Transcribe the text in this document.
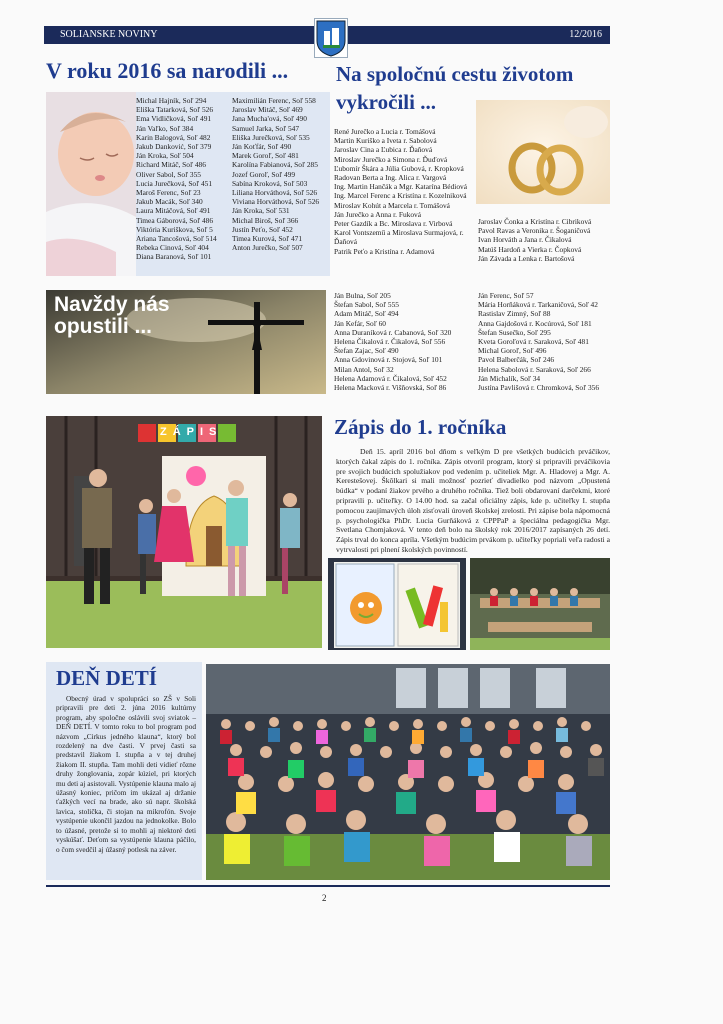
SOLIANSKE NOVINY	12/2016
V roku 2016 sa narodili ...
Michal Hajník, Soľ 294
Eliška Tatarková, Soľ 526
Ema Vidličková, Soľ 491
Ján Vaľko, Soľ 384
Karin Balogová, Soľ 482
Jakub Danković, Soľ 379
Ján Kroka, Soľ 504
Richard Mitáč, Soľ 486
Oliver Sabol, Soľ 355
Lucia Jurečková, Soľ 451
Maroš Ferenc, Soľ 23
Jakub Macák, Soľ 340
Laura Mitáčová, Soľ 491
Timea Gáborová, Soľ 486
Viktória Kuriškova, Soľ 5
Ariana Tancošová, Soľ 514
Rebeka Cinová, Soľ 404
Diana Baranová, Soľ 101
Maximilián Ferenc, Soľ 558
Jaroslav Mitáč, Soľ 469
Jana Mucha'ová, Soľ 490
Samuel Jarka, Soľ 547
Eliška Jurečková, Soľ 535
Ján Koťfár, Soľ 490
Marek Goroľ, Soľ 481
Karolína Fabianová, Soľ 285
Jozef Goroľ, Soľ 499
Sabína Kroková, Soľ 503
Liliana Horváthová, Soľ 526
Viviana Horváthová, Soľ 526
Ján Kroka, Soľ 531
Michal Biroš, Soľ 366
Justín Peťo, Soľ 452
Timea Kurová, Soľ 471
Anton Jurečko, Soľ 507
Na spoločnú cestu životom
vykročili ...
René Jurečko a Lucia r. Tomášová
Martin Kuriško a Iveta r. Sabolová
Jaroslav Cina a Ľubica r. Ďaňová
Miroslav Jurečko a Simona r. Ďuďová
Ľubomír Škára a Júlia Gubová, r. Kropková
Radovan Berta a Ing. Alica r. Vargová
Ing. Martin Hančák a Mgr. Katarína Bédiová
Ing. Marcel Ferenc a Kristína r. Kozelniková
Miroslav Kohút a Marcela r. Tomášová
Ján Jurečko a Anna r. Fuková
Peter Gazdík a Bc. Miroslava r. Virbová
Karol Vontszemű a Miroslava Surmajová, r. Ďaňová
Patrik Peťo a Kristína r. Adamová
Jaroslav Čonka a Kristína r. Cibriková
Pavol Ravas a Veronika r. Šoganičová
Ivan Horváth a Jana r. Čikalová
Matúš Hardoň a Vierka r. Čopková
Ján Závada a Lenka r. Bartošová
Navždy nás
opustili ...
Ján Bulna, Soľ 205
Štefan Sabol, Soľ 555
Adam Mitáč, Soľ 494
Ján Kefár, Soľ 60
Anna Duraníková r. Cabanová, Soľ 320
Helena Čikalová r. Čikalová, Soľ 556
Štefan Zajac, Soľ 490
Anna Gdovinová r. Stojová, Soľ 101
Milan Antol, Soľ 32
Helena Adamová r. Čikalová, Soľ 452
Helena Macková r. Višňovská, Soľ 86
Ján Ferenc, Soľ 57
Mária Horňáková r. Tarkaničová, Soľ 42
Rastislav Zimný, Soľ 88
Anna Gajdošová r. Kocúrová, Soľ 181
Štefan Susečko, Soľ 295
Kveta Goroľová r. Saraková, Soľ 481
Michal Goroľ, Soľ 496
Pavol Balberčák, Soľ 246
Helena Sabolová r. Saraková, Soľ 266
Ján Michalík, Soľ 34
Justína Pavlišová r. Chromková, Soľ 356
ZÁPIS	Zápis do 1. ročníka
Deň 15. apríl 2016 bol dňom s veľkým D pre všetkých budúcich prváčikov, ktorých čakal zápis do 1. ročníka. Zápis otvoril program, ktorý si pripravili prváčikovia pre svojich budúcich spolužiakov pod vedením p. učiteliek Mgr. A. Hladovej a Mgr. A. Kerestešovej. Škôlkari si mali možnosť pozrieť divadielko pod názvom „Opustená búdka“ v podaní žiakov prvého a druhého ročníka. Tiež boli obdarovaní darčekmi, ktoré pripravili p. učiteľky. O 14.00 hod. sa začal oficiálny zápis, kde p. učiteľky I. stupňa pomocou zaujímavých úloh zisťovali úroveň školskej zrelosti. Pri zápise bola nápomocná p. psychologička PhDr. Lucia Gurňáková z CPPPaP a špeciálna pedagogička Mgr. Svetlana Chomjaková. V tento deň bolo na školský rok 2016/2017 zapísaných 26 detí. Zápis trval do konca apríla. Všetkým budúcim prvákom p. učiteľky popriali veľa radosti a vytrvalosti pri plnení školských povinností.
DEŇ DETÍ
Obecný úrad v spolupráci so ZŠ v Soli pripravili pre deti 2. júna 2016 kultúrny program, aby spoločne oslávili svoj sviatok – DEŇ DETÍ. V tomto roku to bol program pod názvom „Cirkus jedného klauna“, ktorý bol rozdelený na dve časti. V prvej časti sa predstavil žiakom I. stupňa a v tej druhej žiakom II. stupňa. Tam mohli deti vidieť rôzne druhy žonglovania, zopár kúziel, pri ktorých mu deti aj asistovali. Vystúpenie klauna malo aj úžasný koniec, pričom im ukázal aj držanie ťažkých vecí na brade, ako sú napr. školská lavica, stolička, či stojan na mikrofón. Svoje vystúpenie ukončil jazdou na jednokolke. Bolo to úžasné, pretože si to mohli aj niektoré deti vyskúšať. Deťom sa vystúpenie klauna páčilo, o čom svedčil aj úžasný potlesk na záver.
2
